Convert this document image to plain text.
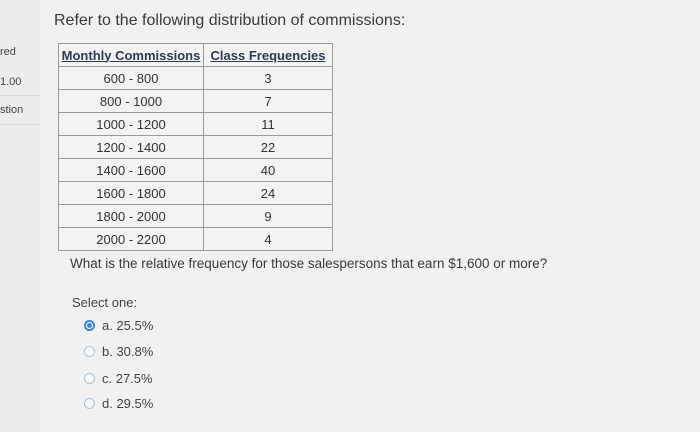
red
1.00
stion
Refer to the following distribution of commissions:
Monthly Commissions	Class Frequencies
600 - 800	3
800 - 1000	7
1000 - 1200	11
1200 - 1400	22
1400 - 1600	40
1600 - 1800	24
1800 - 2000	9
2000 - 2200	4
What is the relative frequency for those salespersons that earn $1,600 or more?
Select one:
a. 25.5%
b. 30.8%
c. 27.5%
d. 29.5%
